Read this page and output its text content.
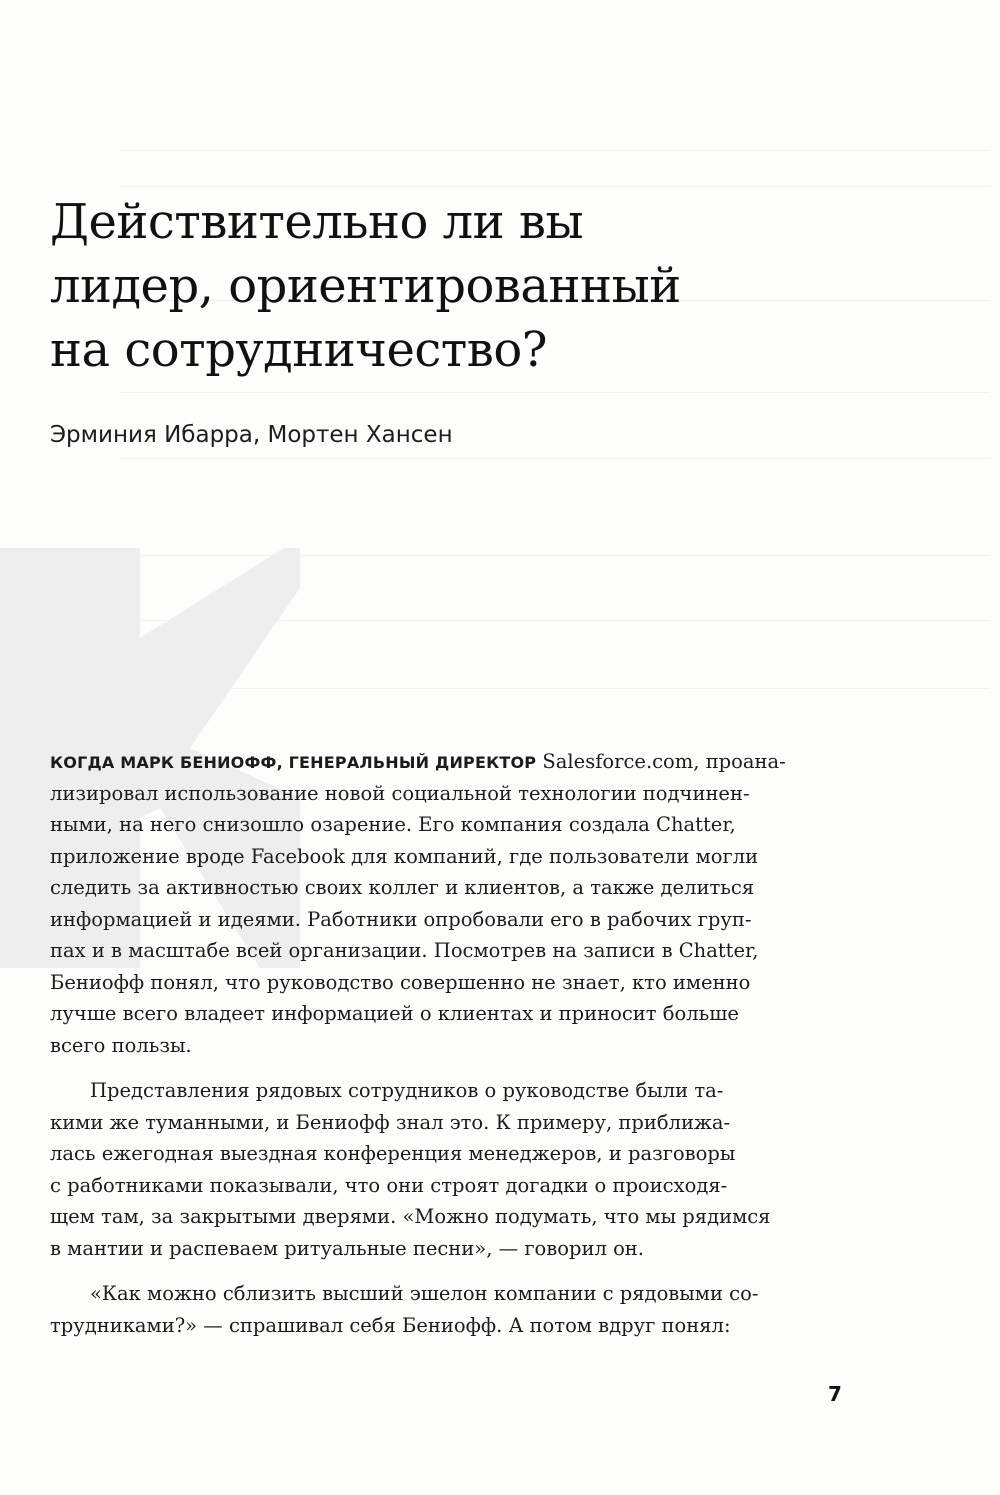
Действительно ли вы
лидер, ориентированный
на сотрудничество?
Эрминия Ибарра, Мортен Хансен
КОГДА МАРК БЕНИОФФ, ГЕНЕРАЛЬНЫЙ ДИРЕКТОР Salesforce.com, проана-
лизировал использование новой социальной технологии подчинен-
ными, на него снизошло озарение. Его компания создала Chatter,
приложение вроде Facebook для компаний, где пользователи могли
следить за активностью своих коллег и клиентов, а также делиться
информацией и идеями. Работники опробовали его в рабочих груп-
пах и в масштабе всей организации. Посмотрев на записи в Chatter,
Бениофф понял, что руководство совершенно не знает, кто именно
лучше всего владеет информацией о клиентах и приносит больше
всего пользы.
Представления рядовых сотрудников о руководстве были та-
кими же туманными, и Бениофф знал это. К примеру, приближа-
лась ежегодная выездная конференция менеджеров, и разговоры
с работниками показывали, что они строят догадки о происходя-
щем там, за закрытыми дверями. «Можно подумать, что мы рядимся
в мантии и распеваем ритуальные песни», — говорил он.
«Как можно сблизить высший эшелон компании с рядовыми со-
трудниками?» — спрашивал себя Бениофф. А потом вдруг понял:
7
